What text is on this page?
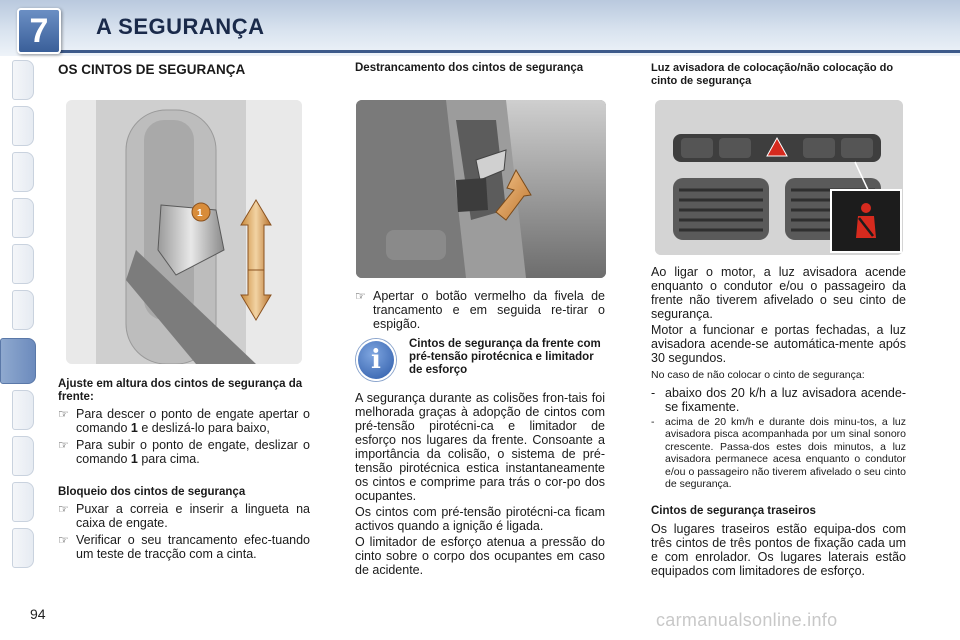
7	A SEGURANÇA
OS CINTOS DE SEGURANÇA
1
Ajuste em altura dos cintos de segurança da frente:
☞ Para descer o ponto de engate apertar o comando 1 e deslizá-lo para baixo,
☞ Para subir o ponto de engate, deslizar o comando 1 para cima.
Bloqueio dos cintos de segurança
☞ Puxar a correia e inserir a lingueta na caixa de engate.
☞ Verificar o seu trancamento efec-tuando um teste de tracção com a cinta.
Destrancamento dos cintos de segurança
☞ Apertar o botão vermelho da fivela de trancamento e em seguida re-tirar o espigão.
i
Cintos de segurança da frente com pré-tensão pirotécnica e limitador de esforço

A segurança durante as colisões fron-tais foi melhorada graças à adopção de cintos com pré-tensão pirotécni-ca e limitador de esforço nos lugares da frente. Consoante a importância da colisão, o sistema de pré-tensão pirotécnica estica instantaneamente os cintos e comprime para trás o cor-po dos ocupantes.

Os cintos com pré-tensão pirotécni-ca ficam activos quando a ignição é ligada.

O limitador de esforço atenua a pressão do cinto sobre o corpo dos ocupantes em caso de acidente.

Luz avisadora de colocação/não colocação do cinto de segurança

Ao ligar o motor, a luz avisadora acende enquanto o condutor e/ou o passageiro da frente não tiverem afivelado o seu cinto de segurança.

Motor a funcionar e portas fechadas, a luz avisadora acende-se automática-mente após 30 segundos.

No caso de não colocar o cinto de segurança:

- abaixo dos 20 k/h a luz avisadora acende-se fixamente.
-	acima de 20 km/h e durante dois minu-tos, a luz avisadora pisca acompanhada por um sinal sonoro crescente. Passa-dos estes dois minutos, a luz avisadora permanece acesa enquanto o condutor e/ou o passageiro não tiverem afivelado o seu cinto de segurança.
Cintos de segurança traseiros

Os lugares traseiros estão equipa-dos com três cintos de três pontos de fixação cada um e com enrolador. Os lugares laterais estão equipados com limitadores de esforço.

94	carmanualsonline.info
